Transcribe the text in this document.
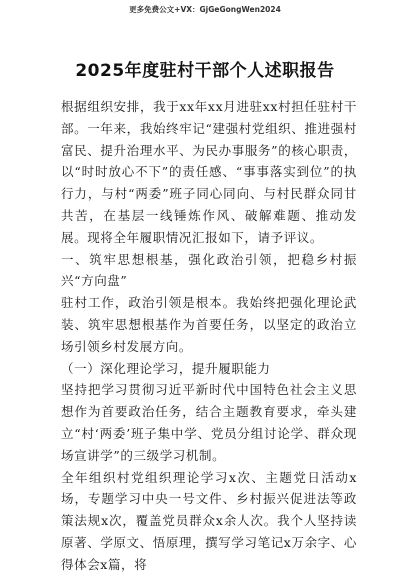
更多免费公文+VX：GjGeGongWen2024
2025年度驻村干部个人述职报告

根据组织安排，我于xx年xx月进驻xx村担任驻村干部。一年来，我始终牢记“建强村党组织、推进强村富民、提升治理水平、为民办事服务”的核心职责，以“时时放心不下”的责任感、“事事落实到位”的执行力，与村“两委”班子同心同向、与村民群众同甘共苦，在基层一线锤炼作风、破解难题、推动发展。现将全年履职情况汇报如下，请予评议。

一、筑牢思想根基，强化政治引领，把稳乡村振兴“方向盘”

驻村工作，政治引领是根本。我始终把强化理论武装、筑牢思想根基作为首要任务，以坚定的政治立场引领乡村发展方向。

（一）深化理论学习，提升履职能力

坚持把学习贯彻习近平新时代中国特色社会主义思想作为首要政治任务，结合主题教育要求，牵头建立“村‘两委’班子集中学、党员分组讨论学、群众现场宣讲学”的三级学习机制。

全年组织村党组织理论学习x次、主题党日活动x场，专题学习中央一号文件、乡村振兴促进法等政策法规x次，覆盖党员群众x余人次。我个人坚持读原著、学原文、悟原理，撰写学习笔记x万余字、心得体会x篇，将
